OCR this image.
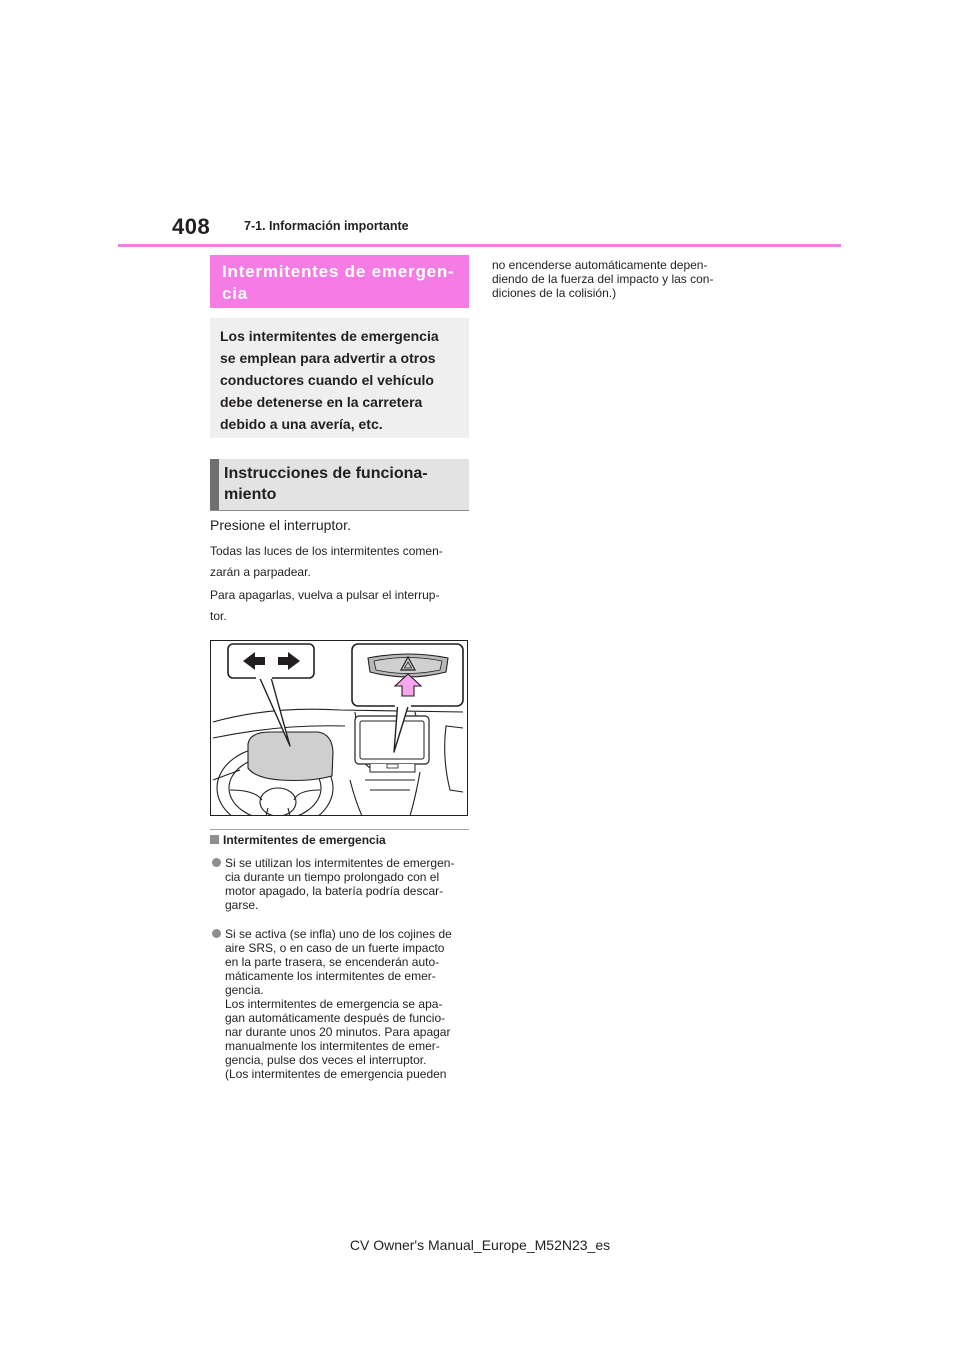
408	7-1. Información importante
Intermitentes de emergen-
cia
Los intermitentes de emergencia
se emplean para advertir a otros
conductores cuando el vehículo
debe detenerse en la carretera
debido a una avería, etc.
Instrucciones de funciona-
miento
Presione el interruptor.
Todas las luces de los intermitentes comen-
zarán a parpadear.
Para apagarlas, vuelva a pulsar el interrup-
tor.
Intermitentes de emergencia
Si se utilizan los intermitentes de emergen-
cia durante un tiempo prolongado con el
motor apagado, la batería podría descar-
garse.
Si se activa (se infla) uno de los cojines de
aire SRS, o en caso de un fuerte impacto
en la parte trasera, se encenderán auto-
máticamente los intermitentes de emer-
gencia.
Los intermitentes de emergencia se apa-
gan automáticamente después de funcio-
nar durante unos 20 minutos. Para apagar
manualmente los intermitentes de emer-
gencia, pulse dos veces el interruptor.
(Los intermitentes de emergencia pueden
no encenderse automáticamente depen-
diendo de la fuerza del impacto y las con-
diciones de la colisión.)
CV Owner's Manual_Europe_M52N23_es
